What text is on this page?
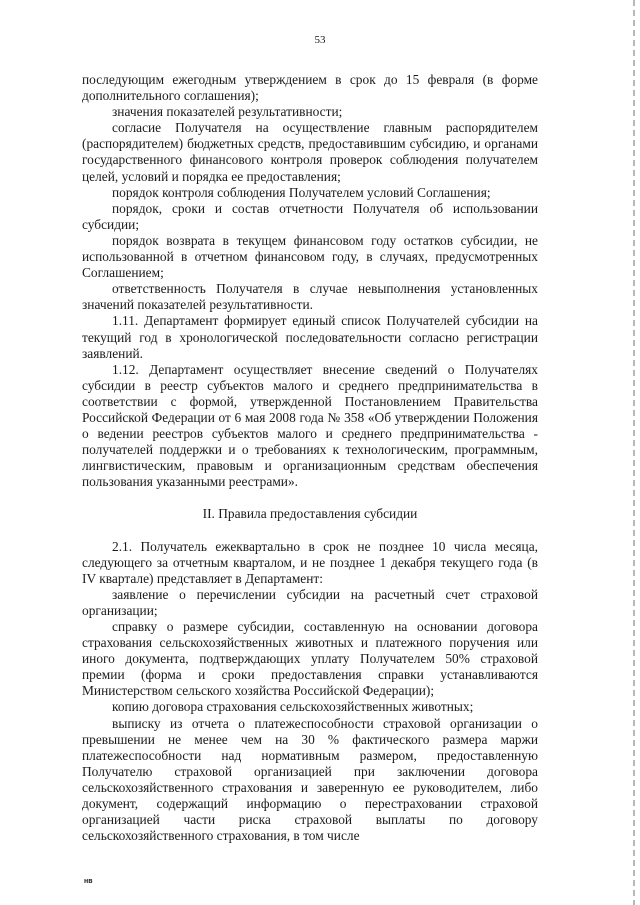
53

последующим ежегодным утверждением в срок до 15 февраля (в форме дополнительного соглашения);

значения показателей результативности;

согласие Получателя на осуществление главным распорядителем (распорядителем) бюджетных средств, предоставившим субсидию, и органами государственного финансового контроля проверок соблюдения получателем целей, условий и порядка ее предоставления;

порядок контроля соблюдения Получателем условий Соглашения;

порядок, сроки и состав отчетности Получателя об использовании субсидии;

порядок возврата в текущем финансовом году остатков субсидии, не использованной в отчетном финансовом году, в случаях, предусмотренных Соглашением;

ответственность Получателя в случае невыполнения установленных значений показателей результативности.

1.11. Департамент формирует единый список Получателей субсидии на текущий год в хронологической последовательности согласно регистрации заявлений.

1.12. Департамент осуществляет внесение сведений о Получателях субсидии в реестр субъектов малого и среднего предпринимательства в соответствии с формой, утвержденной Постановлением Правительства Российской Федерации от 6 мая 2008 года № 358 «Об утверждении Положения о ведении реестров субъектов малого и среднего предпринимательства - получателей поддержки и о требованиях к технологическим, программным, лингвистическим, правовым и организационным средствам обеспечения пользования указанными реестрами».

II. Правила предоставления субсидии

2.1. Получатель ежеквартально в срок не позднее 10 числа месяца, следующего за отчетным кварталом, и не позднее 1 декабря текущего года (в IV квартале) представляет в Департамент:

заявление о перечислении субсидии на расчетный счет страховой организации;

справку о размере субсидии, составленную на основании договора страхования сельскохозяйственных животных и платежного поручения или иного документа, подтверждающих уплату Получателем 50% страховой премии (форма и сроки предоставления справки устанавливаются Министерством сельского хозяйства Российской Федерации);

копию договора страхования сельскохозяйственных животных;

выписку из отчета о платежеспособности страховой организации о превышении не менее чем на 30 % фактического размера маржи платежеспособности над нормативным размером, предоставленную Получателю страховой организацией при заключении договора сельскохозяйственного страхования и заверенную ее руководителем, либо документ, содержащий информацию о перестраховании страховой организацией части риска страховой выплаты по договору сельскохозяйственного страхования, в том числе

нв
